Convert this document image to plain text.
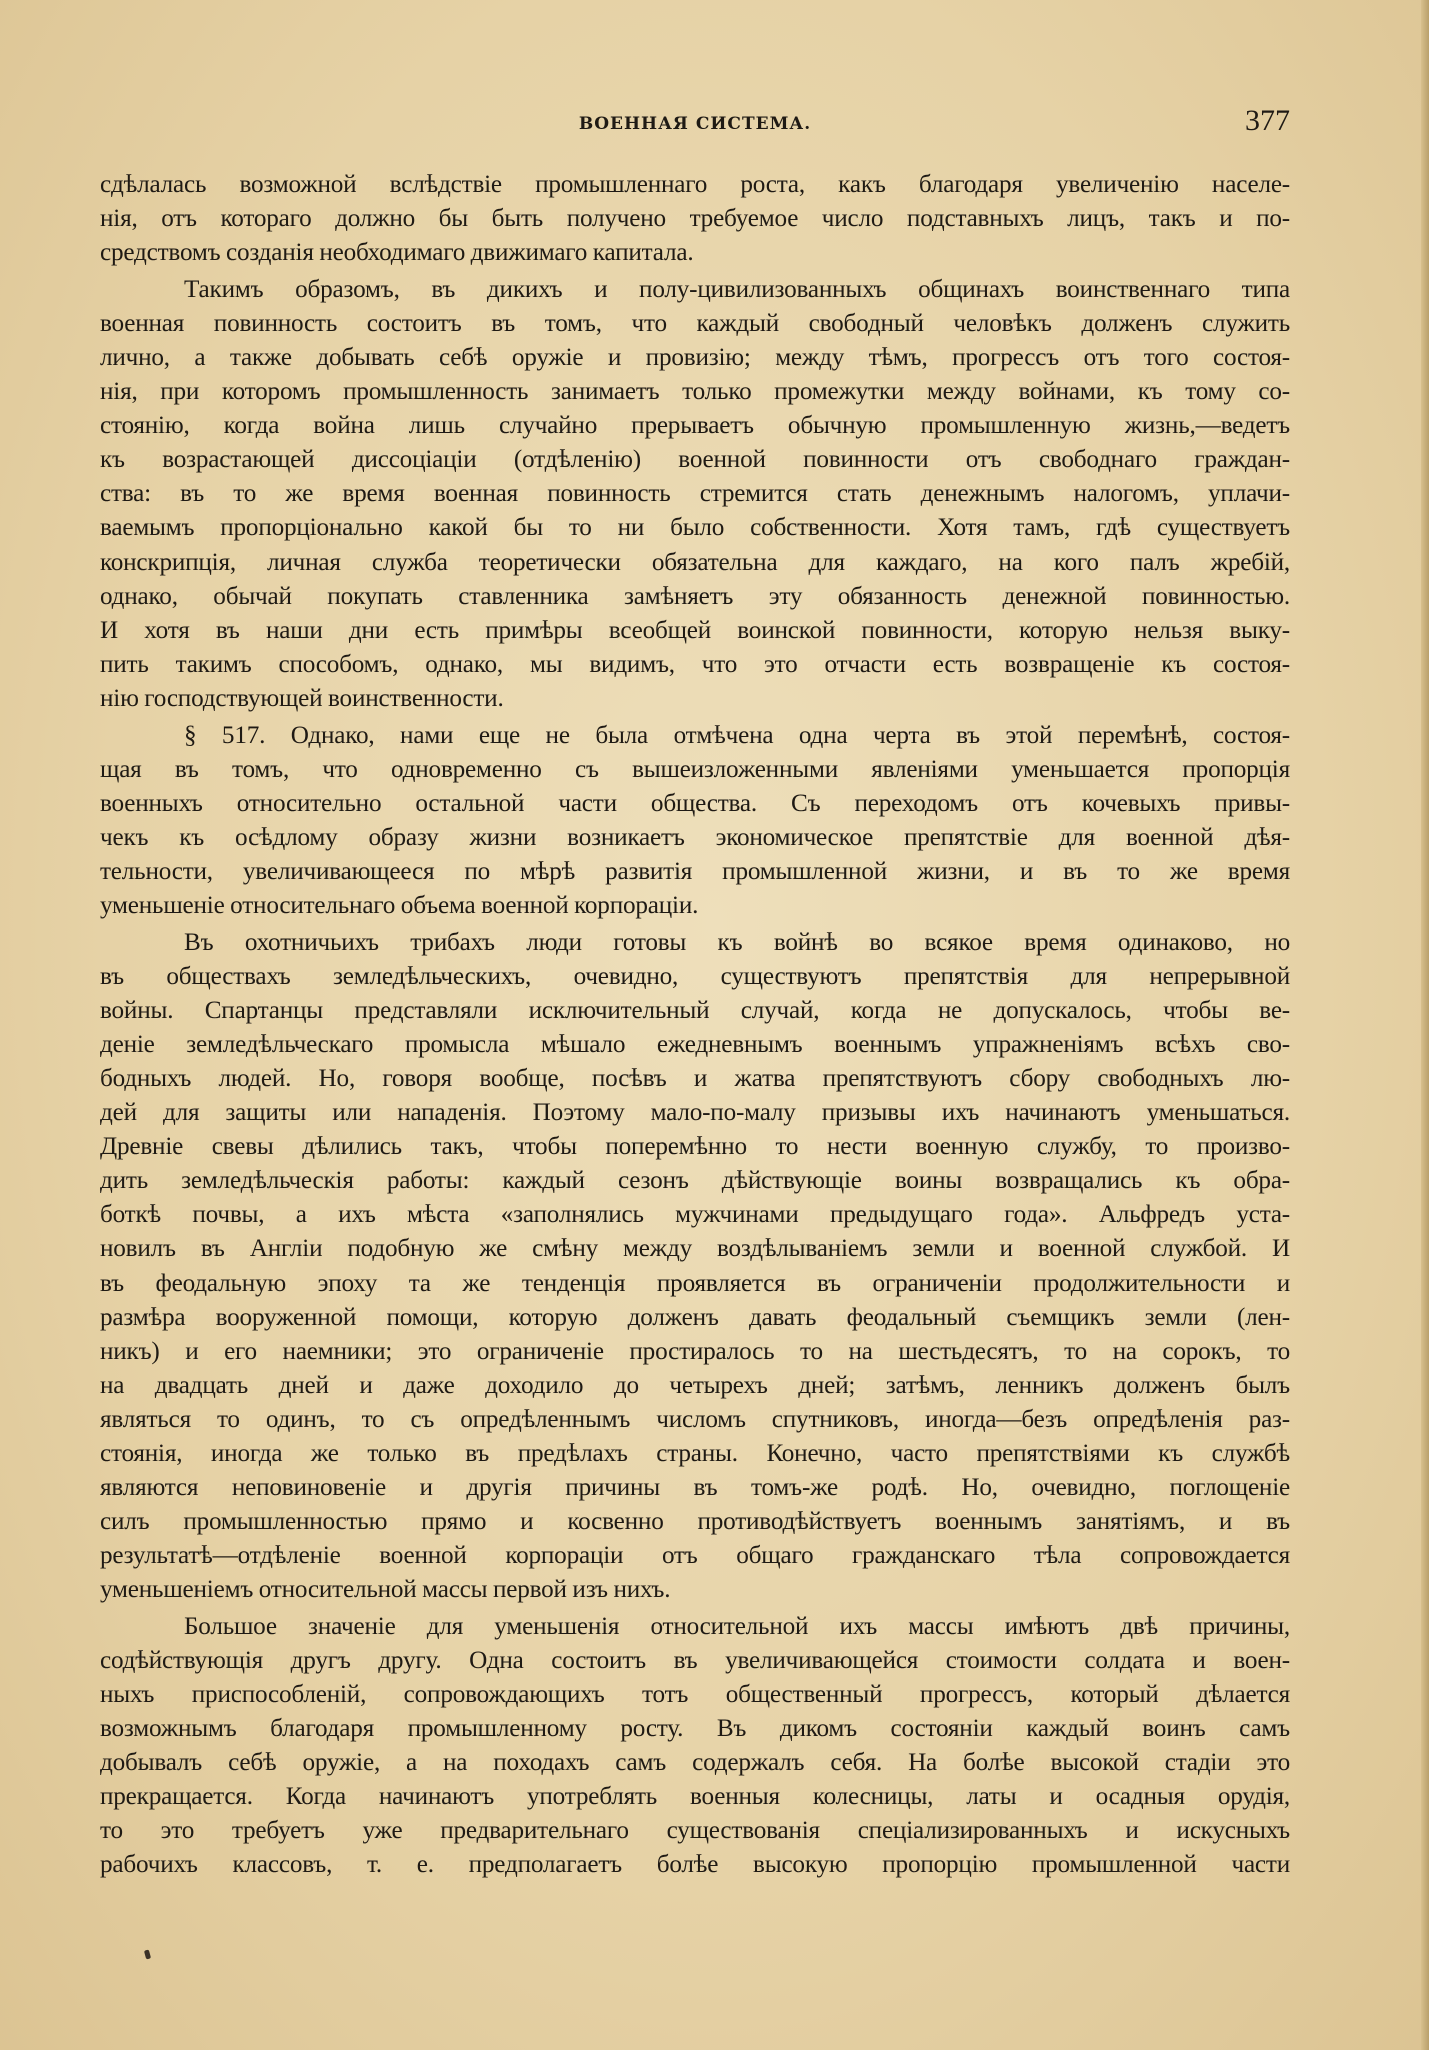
ВОЕННАЯ СИСТЕМА.	377
сдѣлалась возможной вслѣдствіе промышленнаго роста, какъ благодаря увеличенію населе-
нія, отъ котораго должно бы быть получено требуемое число подставныхъ лицъ, такъ и по-
средствомъ созданія необходимаго движимаго капитала.
Такимъ образомъ, въ дикихъ и полу-цивилизованныхъ общинахъ воинственнаго типа
военная повинность состоитъ въ томъ, что каждый свободный человѣкъ долженъ служить
лично, а также добывать себѣ оружіе и провизію; между тѣмъ, прогрессъ отъ того состоя-
нія, при которомъ промышленность занимаетъ только промежутки между войнами, къ тому со-
стоянію, когда война лишь случайно прерываетъ обычную промышленную жизнь,—ведетъ
къ возрастающей диссоціаціи (отдѣленію) военной повинности отъ свободнаго граждан-
ства: въ то же время военная повинность стремится стать денежнымъ налогомъ, уплачи-
ваемымъ пропорціонально какой бы то ни было собственности. Хотя тамъ, гдѣ существуетъ
конскрипція, личная служба теоретически обязательна для каждаго, на кого палъ жребій,
однако, обычай покупать ставленника замѣняетъ эту обязанность денежной повинностью.
И хотя въ наши дни есть примѣры всеобщей воинской повинности, которую нельзя выку-
пить такимъ способомъ, однако, мы видимъ, что это отчасти есть возвращеніе къ состоя-
нію господствующей воинственности.
§ 517. Однако, нами еще не была отмѣчена одна черта въ этой перемѣнѣ, состоя-
щая въ томъ, что одновременно съ вышеизложенными явленіями уменьшается пропорція
военныхъ относительно остальной части общества. Съ переходомъ отъ кочевыхъ привы-
чекъ къ осѣдлому образу жизни возникаетъ экономическое препятствіе для военной дѣя-
тельности, увеличивающееся по мѣрѣ развитія промышленной жизни, и въ то же время
уменьшеніе относительнаго объема военной корпораціи.
Въ охотничьихъ трибахъ люди готовы къ войнѣ во всякое время одинаково, но
въ обществахъ земледѣльческихъ, очевидно, существуютъ препятствія для непрерывной
войны. Спартанцы представляли исключительный случай, когда не допускалось, чтобы ве-
деніе земледѣльческаго промысла мѣшало ежедневнымъ военнымъ упражненіямъ всѣхъ сво-
бодныхъ людей. Но, говоря вообще, посѣвъ и жатва препятствуютъ сбору свободныхъ лю-
дей для защиты или нападенія. Поэтому мало-по-малу призывы ихъ начинаютъ уменьшаться.
Древніе свевы дѣлились такъ, чтобы поперемѣнно то нести военную службу, то произво-
дить земледѣльческія работы: каждый сезонъ дѣйствующіе воины возвращались къ обра-
боткѣ почвы, а ихъ мѣста «заполнялись мужчинами предыдущаго года». Альфредъ уста-
новилъ въ Англіи подобную же смѣну между воздѣлываніемъ земли и военной службой. И
въ феодальную эпоху та же тенденція проявляется въ ограниченіи продолжительности и
размѣра вооруженной помощи, которую долженъ давать феодальный съемщикъ земли (лен-
никъ) и его наемники; это ограниченіе простиралось то на шестьдесятъ, то на сорокъ, то
на двадцать дней и даже доходило до четырехъ дней; затѣмъ, ленникъ долженъ былъ
являться то одинъ, то съ опредѣленнымъ числомъ спутниковъ, иногда—безъ опредѣленія раз-
стоянія, иногда же только въ предѣлахъ страны. Конечно, часто препятствіями къ службѣ
являются неповиновеніе и другія причины въ томъ-же родѣ. Но, очевидно, поглощеніе
силъ промышленностью прямо и косвенно противодѣйствуетъ военнымъ занятіямъ, и въ
результатѣ—отдѣленіе военной корпораціи отъ общаго гражданскаго тѣла сопровождается
уменьшеніемъ относительной массы первой изъ нихъ.
Большое значеніе для уменьшенія относительной ихъ массы имѣютъ двѣ причины,
содѣйствующія другъ другу. Одна состоитъ въ увеличивающейся стоимости солдата и воен-
ныхъ приспособленій, сопровождающихъ тотъ общественный прогрессъ, который дѣлается
возможнымъ благодаря промышленному росту. Въ дикомъ состояніи каждый воинъ самъ
добывалъ себѣ оружіе, а на походахъ самъ содержалъ себя. На болѣе высокой стадіи это
прекращается. Когда начинаютъ употреблять военныя колесницы, латы и осадныя орудія,
то это требуетъ уже предварительнаго существованія спеціализированныхъ и искусныхъ
рабочихъ классовъ, т. е. предполагаетъ болѣе высокую пропорцію промышленной части
